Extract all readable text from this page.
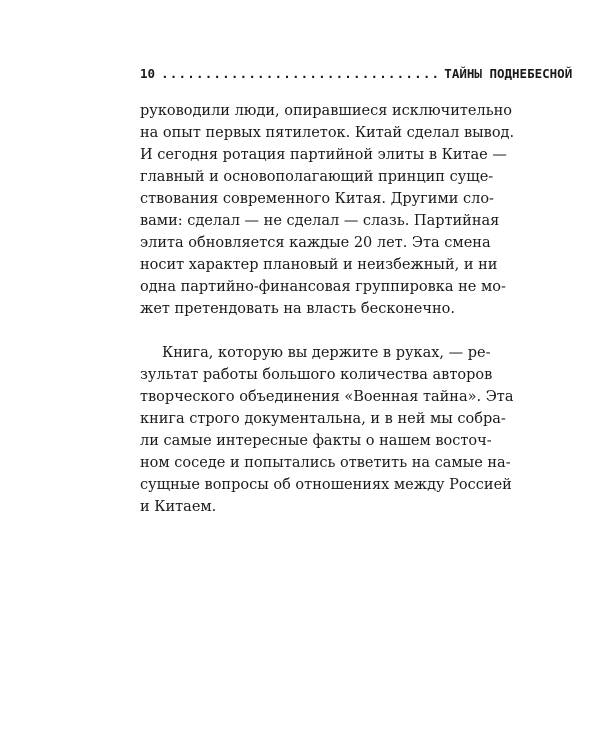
10 ................................ ТАЙНЫ ПОДНЕБЕСНОЙ
руководили люди, опиравшиеся исключительно
на опыт первых пятилеток. Китай сделал вывод.
И сегодня ротация партийной элиты в Китае —
главный и основополагающий принцип суще-
ствования современного Китая. Другими сло-
вами: сделал — не сделал — слазь. Партийная
элита обновляется каждые 20 лет. Эта смена
носит характер плановый и неизбежный, и ни
одна партийно-финансовая группировка не мо-
жет претендовать на власть бесконечно.
Книга, которую вы держите в руках, — ре-
зультат работы большого количества авторов
творческого объединения «Военная тайна». Эта
книга строго документальна, и в ней мы собра-
ли самые интересные факты о нашем восточ-
ном соседе и попытались ответить на самые на-
сущные вопросы об отношениях между Россией
и Китаем.
